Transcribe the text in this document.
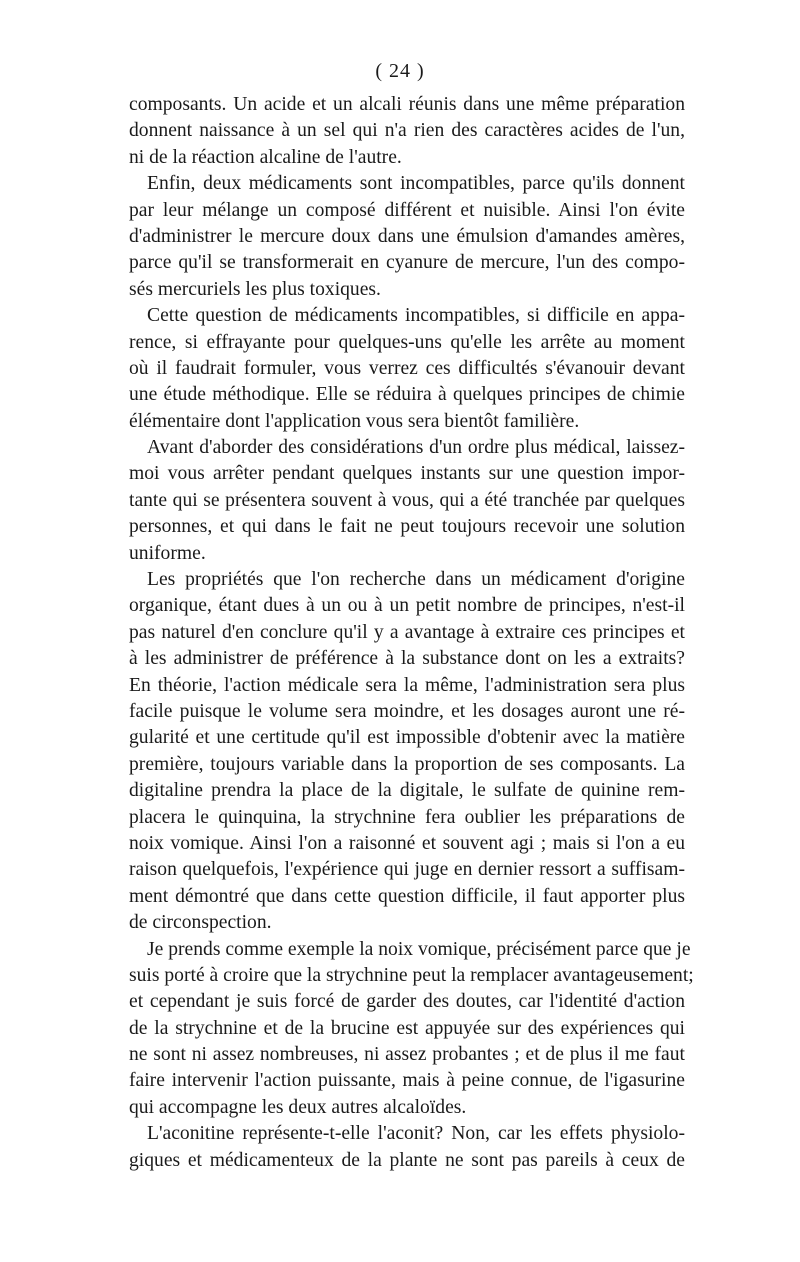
( 24 )
composants. Un acide et un alcali réunis dans une même préparation
donnent naissance à un sel qui n'a rien des caractères acides de l'un,
ni de la réaction alcaline de l'autre.
Enfin, deux médicaments sont incompatibles, parce qu'ils donnent
par leur mélange un composé différent et nuisible. Ainsi l'on évite
d'administrer le mercure doux dans une émulsion d'amandes amères,
parce qu'il se transformerait en cyanure de mercure, l'un des compo-
sés mercuriels les plus toxiques.
Cette question de médicaments incompatibles, si difficile en appa-
rence, si effrayante pour quelques-uns qu'elle les arrête au moment
où il faudrait formuler, vous verrez ces difficultés s'évanouir devant
une étude méthodique. Elle se réduira à quelques principes de chimie
élémentaire dont l'application vous sera bientôt familière.
Avant d'aborder des considérations d'un ordre plus médical, laissez-
moi vous arrêter pendant quelques instants sur une question impor-
tante qui se présentera souvent à vous, qui a été tranchée par quelques
personnes, et qui dans le fait ne peut toujours recevoir une solution
uniforme.
Les propriétés que l'on recherche dans un médicament d'origine
organique, étant dues à un ou à un petit nombre de principes, n'est-il
pas naturel d'en conclure qu'il y a avantage à extraire ces principes et
à les administrer de préférence à la substance dont on les a extraits?
En théorie, l'action médicale sera la même, l'administration sera plus
facile puisque le volume sera moindre, et les dosages auront une ré-
gularité et une certitude qu'il est impossible d'obtenir avec la matière
première, toujours variable dans la proportion de ses composants. La
digitaline prendra la place de la digitale, le sulfate de quinine rem-
placera le quinquina, la strychnine fera oublier les préparations de
noix vomique. Ainsi l'on a raisonné et souvent agi ; mais si l'on a eu
raison quelquefois, l'expérience qui juge en dernier ressort a suffisam-
ment démontré que dans cette question difficile, il faut apporter plus
de circonspection.
Je prends comme exemple la noix vomique, précisément parce que je
suis porté à croire que la strychnine peut la remplacer avantageusement;
et cependant je suis forcé de garder des doutes, car l'identité d'action
de la strychnine et de la brucine est appuyée sur des expériences qui
ne sont ni assez nombreuses, ni assez probantes ; et de plus il me faut
faire intervenir l'action puissante, mais à peine connue, de l'igasurine
qui accompagne les deux autres alcaloïdes.
L'aconitine représente-t-elle l'aconit? Non, car les effets physiolo-
giques et médicamenteux de la plante ne sont pas pareils à ceux de
